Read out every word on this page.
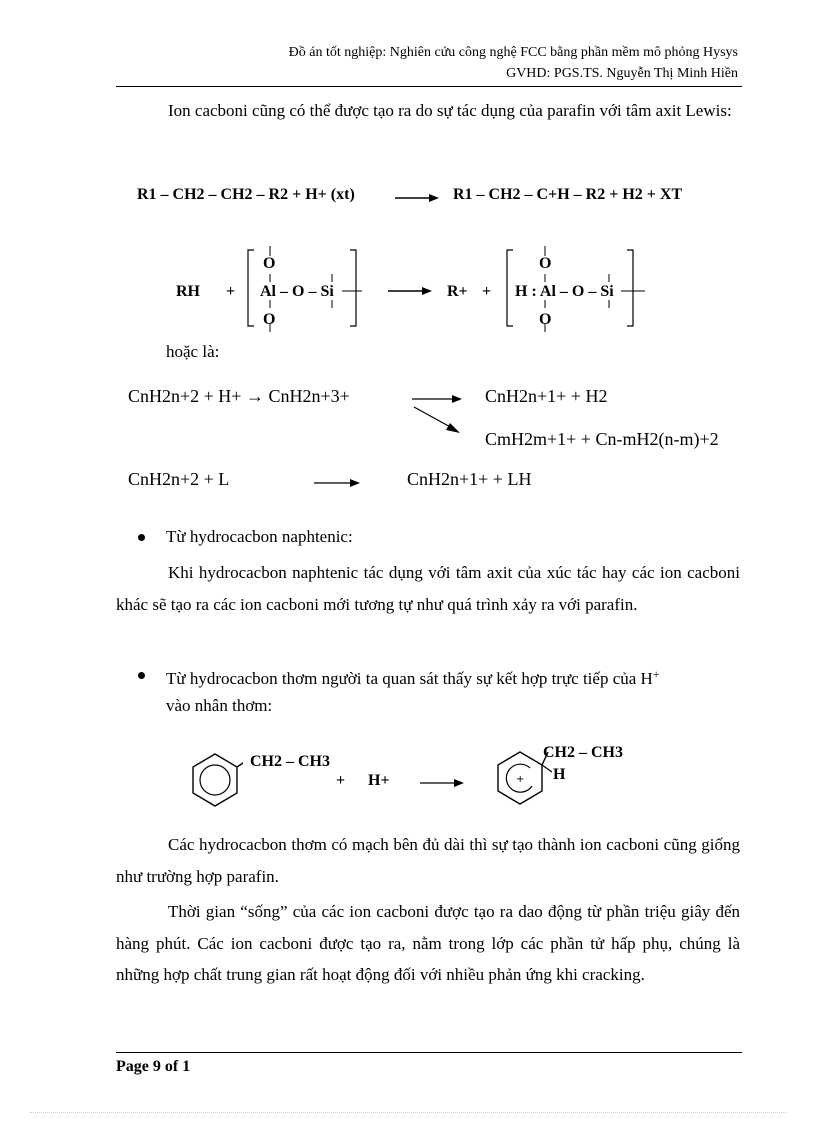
Đồ án tốt nghiệp: Nghiên cứu công nghệ FCC bằng phần mềm mô phỏng Hysys
GVHD: PGS.TS. Nguyễn Thị Minh Hiền
Ion cacboni cũng có thể được tạo ra do sự tác dụng của parafin với tâm axit Lewis:
R1 – CH2 – CH2 – R2 + H+ (xt)	R1 – CH2 – C+H – R2 + H2 + XT
RH +
O
Al – O – Si
O
R+ +
O
H : Al – O – Si
O
hoặc là:
CnH2n+2 + H+ → CnH2n+3+	CnH2n+1+ + H2
CmH2m+1+ + Cn-mH2(n-m)+2
CnH2n+2 + L	CnH2n+1+ + LH
Từ hydrocacbon naphtenic:
Khi hydrocacbon naphtenic tác dụng với tâm axit của xúc tác hay các ion cacboni khác sẽ tạo ra các ion cacboni mới tương tự như quá trình xảy ra với parafin.
Từ hydrocacbon thơm người ta quan sát thấy sự kết hợp trực tiếp của H+
vào nhân thơm:
CH2 – CH3
+ H+	+
CH2 – CH3
H
Các hydrocacbon thơm có mạch bên đủ dài thì sự tạo thành ion cacboni cũng giống như trường hợp parafin.
Thời gian “sống” của các ion cacboni được tạo ra dao động từ phần triệu giây đến hàng phút. Các ion cacboni được tạo ra, nằm trong lớp các phần tử hấp phụ, chúng là những hợp chất trung gian rất hoạt động đối với nhiều phản ứng khi cracking.
Page 9 of 1
